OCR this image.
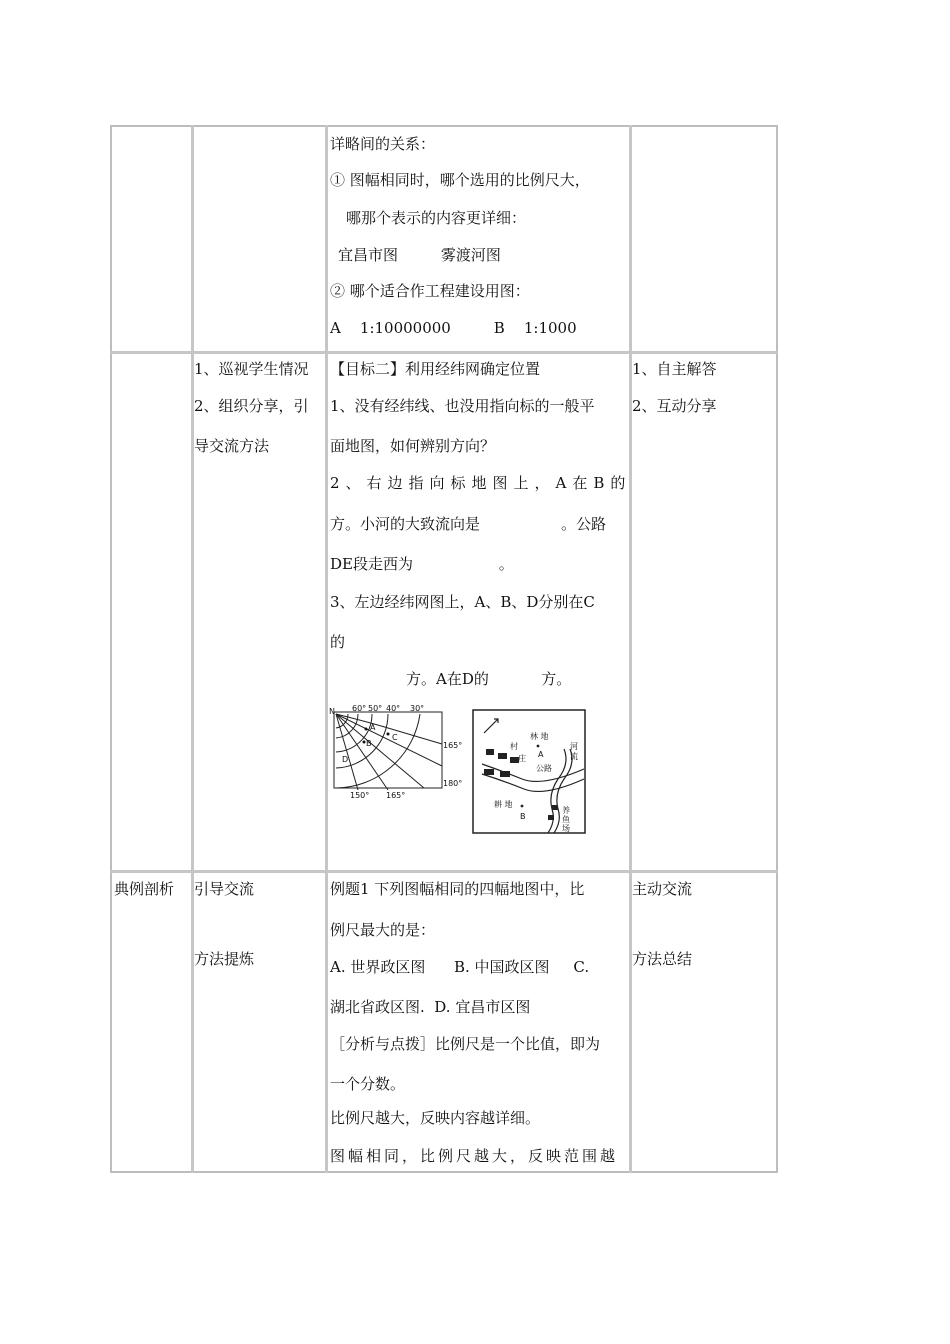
详略间的关系：
① 图幅相同时，哪个选用的比例尺大，
哪那个表示的内容更详细：
宜昌市图         雾渡河图
② 哪个适合作工程建设用图：
A    1:10000000         B    1:1000
1、巡视学生情况
2、组织分享，引
导交流方法
【目标二】利用经纬网确定位置
1、没有经纬线、也没用指向标的一般平
面地图，如何辨别方向？
2、右边指向标地图上，A在B的
方。小河的大致流向是                 。公路
DE段走西为                  。
3、左边经纬网图上，A、B、D分别在C
的
方。A在D的           方。
1、自主解答
2、互动分享
N 60° 50° 40° 30°
165°
180°
150° 165°
A
B
C
D
林 地
A
村
庄
公路
河
流
耕 地
B
养
鱼
场
典例剖析 引导交流
方法提炼
例题1 下列图幅相同的四幅地图中，比
例尺最大的是：
A. 世界政区图      B. 中国政区图     C.
湖北省政区图.  D. 宜昌市区图
［分析与点拨］比例尺是一个比值，即为
一个分数。
比例尺越大，反映内容越详细。
图幅相同，比例尺越大，反映范围越
主动交流
方法总结
